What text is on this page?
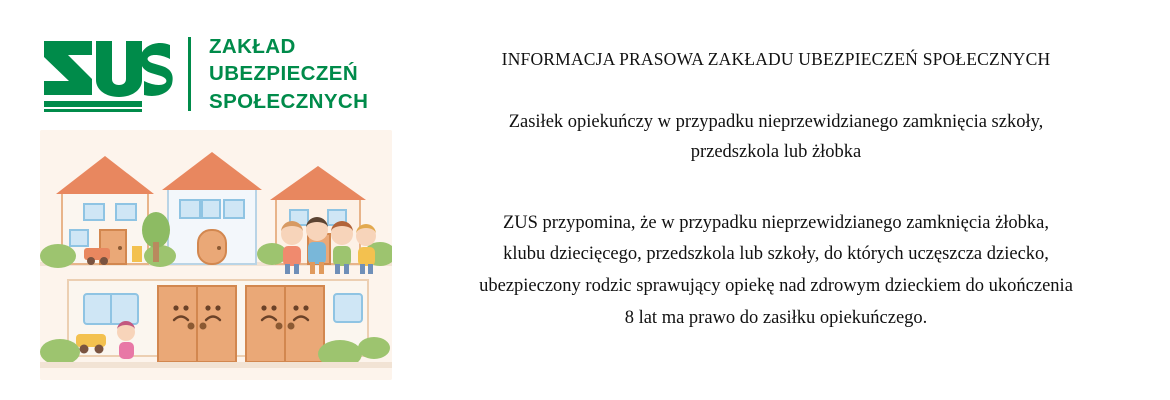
ZAKŁAD
UBEZPIECZEŃ
SPOŁECZNYCH
INFORMACJA PRASOWA ZAKŁADU UBEZPIECZEŃ SPOŁECZNYCH
Zasiłek opiekuńczy w przypadku nieprzewidzianego zamknięcia szkoły, przedszkola lub żłobka
ZUS przypomina, że w przypadku nieprzewidzianego zamknięcia żłobka,
klubu dziecięcego, przedszkola lub szkoły, do których uczęszcza dziecko,
ubezpieczony rodzic sprawujący opiekę nad zdrowym dzieckiem do ukończenia
8 lat ma prawo do zasiłku opiekuńczego.
